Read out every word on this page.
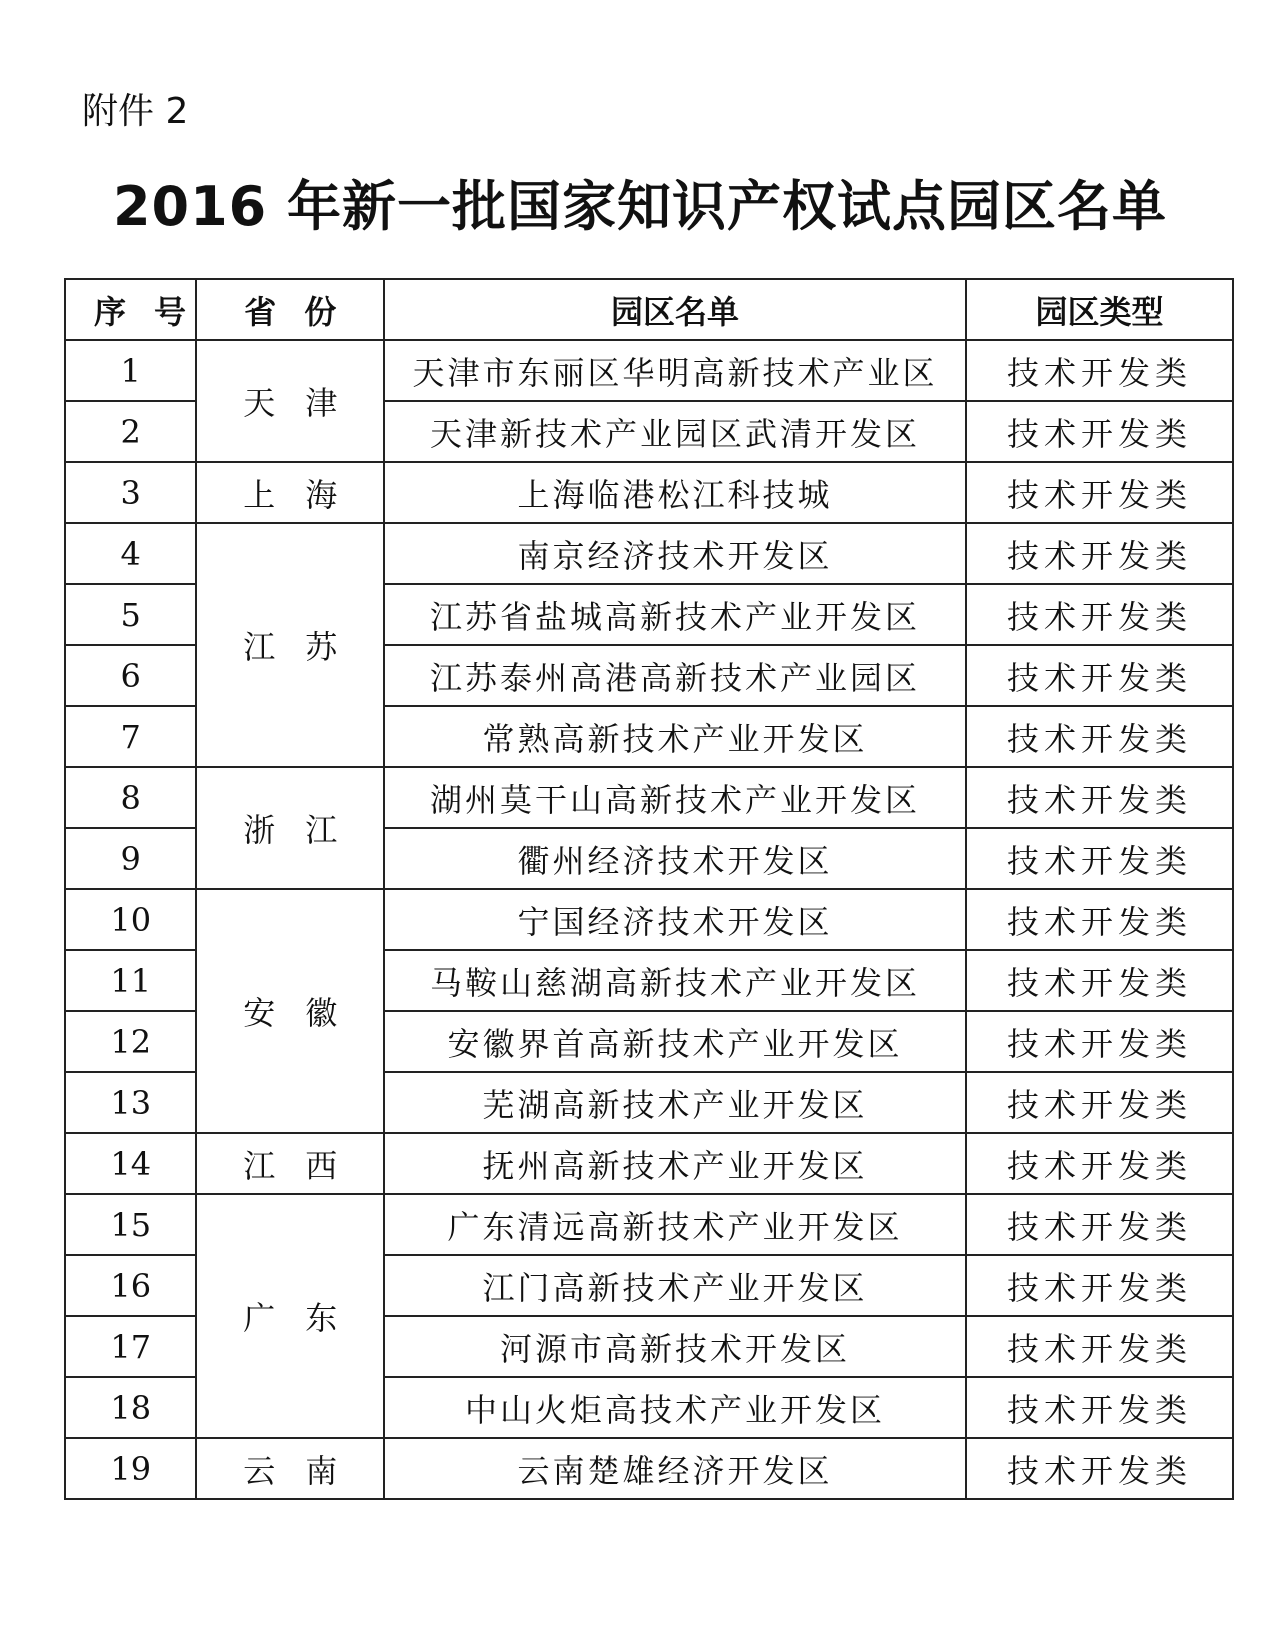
附件 2
2016 年新一批国家知识产权试点园区名单
序号	省份	园区名单	园区类型
1	天津	天津市东丽区华明高新技术产业区	技术开发类
2		天津新技术产业园区武清开发区	技术开发类
3	上海	上海临港松江科技城	技术开发类
4	江苏	南京经济技术开发区	技术开发类
5		江苏省盐城高新技术产业开发区	技术开发类
6		江苏泰州高港高新技术产业园区	技术开发类
7		常熟高新技术产业开发区	技术开发类
8	浙江	湖州莫干山高新技术产业开发区	技术开发类
9		衢州经济技术开发区	技术开发类
10	安徽	宁国经济技术开发区	技术开发类
11		马鞍山慈湖高新技术产业开发区	技术开发类
12		安徽界首高新技术产业开发区	技术开发类
13		芜湖高新技术产业开发区	技术开发类
14	江西	抚州高新技术产业开发区	技术开发类
15	广东	广东清远高新技术产业开发区	技术开发类
16		江门高新技术产业开发区	技术开发类
17		河源市高新技术开发区	技术开发类
18		中山火炬高技术产业开发区	技术开发类
19	云南	云南楚雄经济开发区	技术开发类
